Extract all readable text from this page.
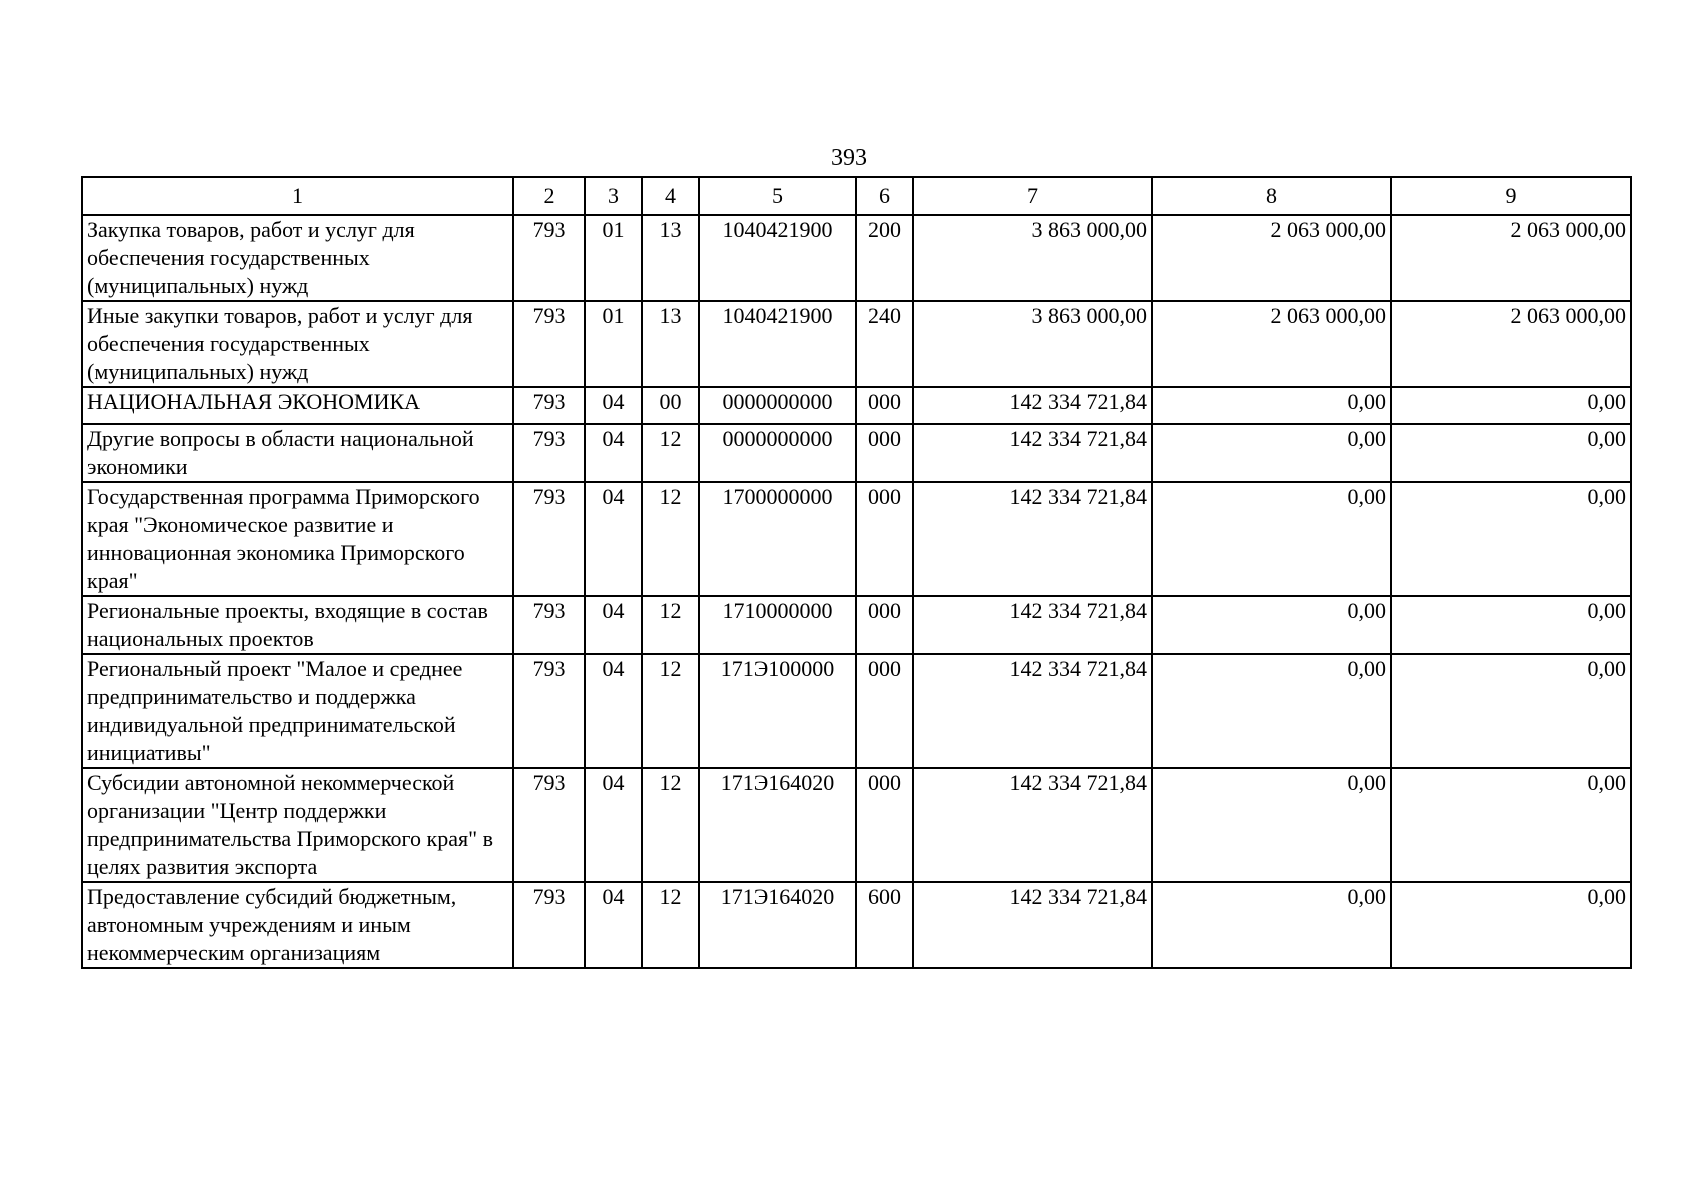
393
1	2	3	4	5	6	7	8	9
Закупка товаров, работ и услуг для обеспечения государственных (муниципальных) нужд	793	01	13	1040421900	200	3 863 000,00	2 063 000,00	2 063 000,00
Иные закупки товаров, работ и услуг для обеспечения государственных (муниципальных) нужд	793	01	13	1040421900	240	3 863 000,00	2 063 000,00	2 063 000,00
НАЦИОНАЛЬНАЯ ЭКОНОМИКА	793	04	00	0000000000	000	142 334 721,84	0,00	0,00
Другие вопросы в области национальной экономики	793	04	12	0000000000	000	142 334 721,84	0,00	0,00
Государственная программа Приморского края "Экономическое развитие и инновационная экономика Приморского края"	793	04	12	1700000000	000	142 334 721,84	0,00	0,00
Региональные проекты, входящие в состав национальных проектов	793	04	12	1710000000	000	142 334 721,84	0,00	0,00
Региональный проект "Малое и среднее предпринимательство и поддержка индивидуальной предпринимательской инициативы"	793	04	12	171Э100000	000	142 334 721,84	0,00	0,00
Субсидии автономной некоммерческой организации "Центр поддержки предпринимательства Приморского края" в целях развития экспорта	793	04	12	171Э164020	000	142 334 721,84	0,00	0,00
Предоставление субсидий бюджетным, автономным учреждениям и иным некоммерческим организациям	793	04	12	171Э164020	600	142 334 721,84	0,00	0,00
